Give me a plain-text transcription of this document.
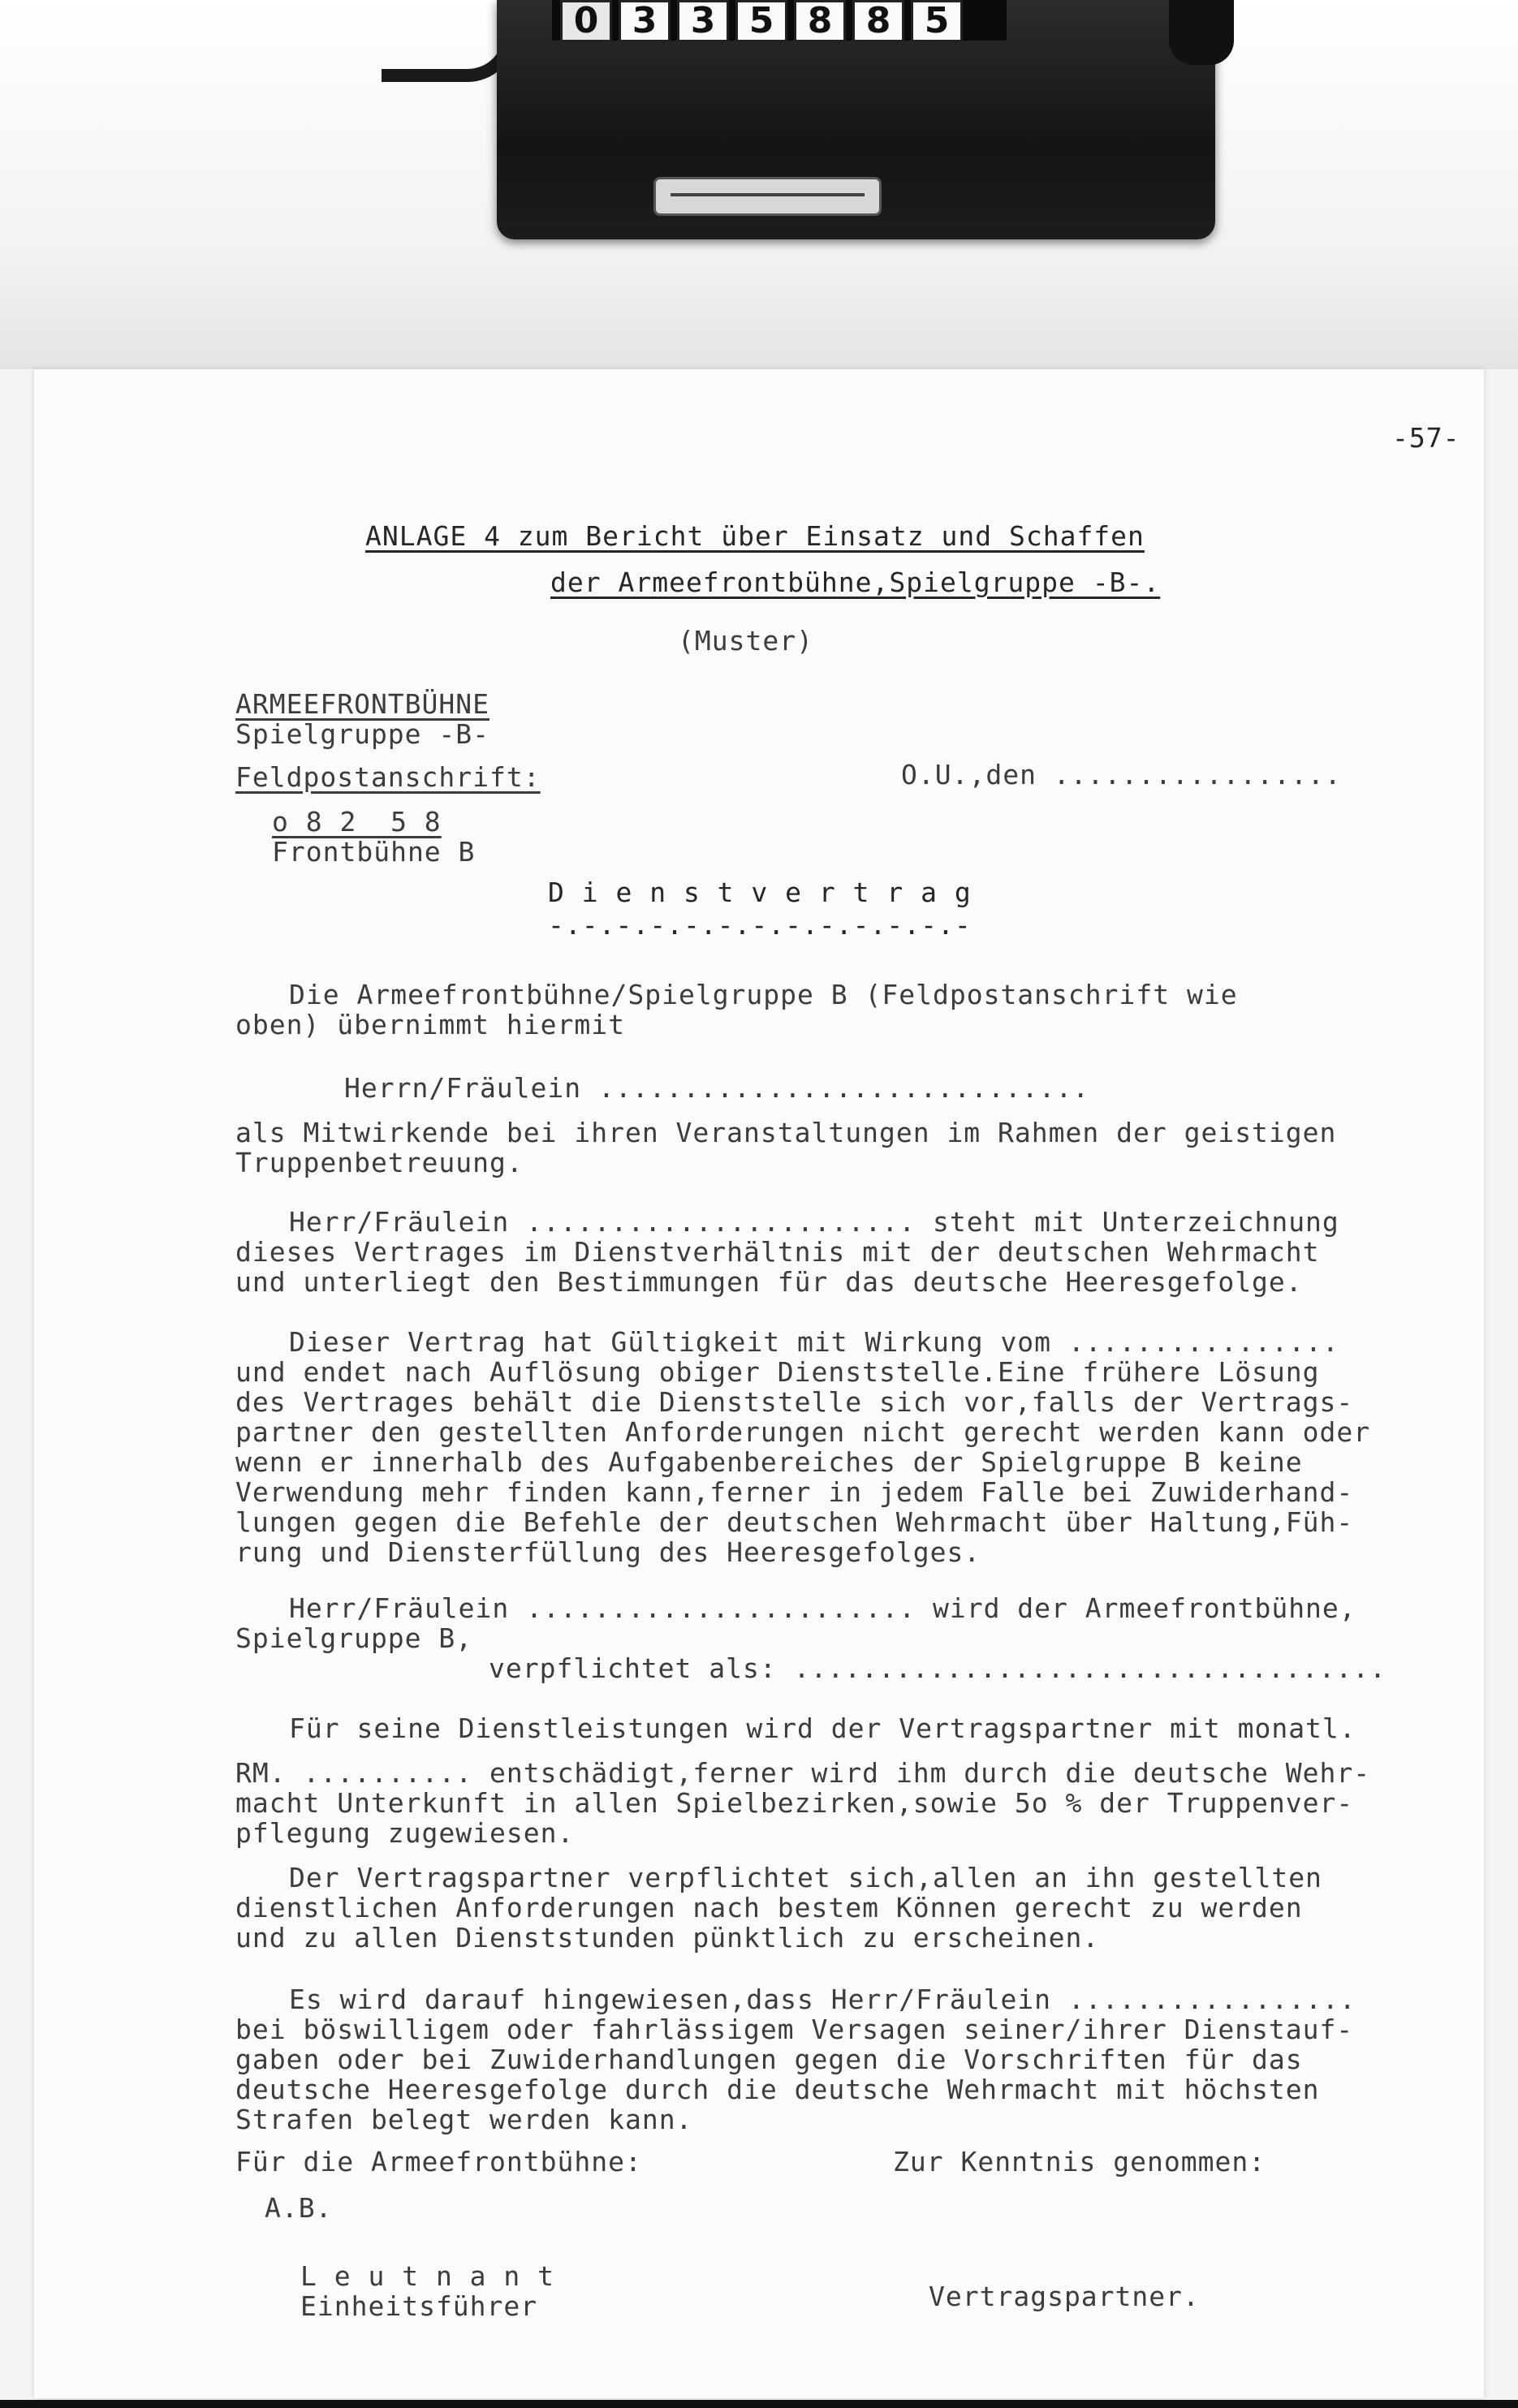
0 3 3 5 8 8 5
-57-
ANLAGE 4 zum Bericht über Einsatz und Schaffen
der Armeefrontbühne,Spielgruppe -B-.
(Muster)
ARMEEFRONTBÜHNE
Spielgruppe -B-
Feldpostanschrift:
o 8 2  5 8
Frontbühne B
O.U.,den .................
D i e n s t v e r t r a g
-.-.-.-.-.-.-.-.-.-.-.-.-
Die Armeefrontbühne/Spielgruppe B (Feldpostanschrift wie
oben) übernimmt hiermit
Herrn/Fräulein .............................
als Mitwirkende bei ihren Veranstaltungen im Rahmen der geistigen
Truppenbetreuung.
Herr/Fräulein ....................... steht mit Unterzeichnung
dieses Vertrages im Dienstverhältnis mit der deutschen Wehrmacht
und unterliegt den Bestimmungen für das deutsche Heeresgefolge.
Dieser Vertrag hat Gültigkeit mit Wirkung vom ................
und endet nach Auflösung obiger Dienststelle.Eine frühere Lösung
des Vertrages behält die Dienststelle sich vor,falls der Vertrags-
partner den gestellten Anforderungen nicht gerecht werden kann oder
wenn er innerhalb des Aufgabenbereiches der Spielgruppe B keine
Verwendung mehr finden kann,ferner in jedem Falle bei Zuwiderhand-
lungen gegen die Befehle der deutschen Wehrmacht über Haltung,Füh-
rung und Diensterfüllung des Heeresgefolges.
Herr/Fräulein ....................... wird der Armeefrontbühne,
Spielgruppe B,
verpflichtet als: ...................................
Für seine Dienstleistungen wird der Vertragspartner mit monatl.
RM. .......... entschädigt,ferner wird ihm durch die deutsche Wehr-
macht Unterkunft in allen Spielbezirken,sowie 5o % der Truppenver-
pflegung zugewiesen.
Der Vertragspartner verpflichtet sich,allen an ihn gestellten
dienstlichen Anforderungen nach bestem Können gerecht zu werden
und zu allen Dienststunden pünktlich zu erscheinen.
Es wird darauf hingewiesen,dass Herr/Fräulein .................
bei böswilligem oder fahrlässigem Versagen seiner/ihrer Dienstauf-
gaben oder bei Zuwiderhandlungen gegen die Vorschriften für das
deutsche Heeresgefolge durch die deutsche Wehrmacht mit höchsten
Strafen belegt werden kann.
Für die Armeefrontbühne:	Zur Kenntnis genommen:
A.B.
L e u t n a n t
Einheitsführer	Vertragspartner.
